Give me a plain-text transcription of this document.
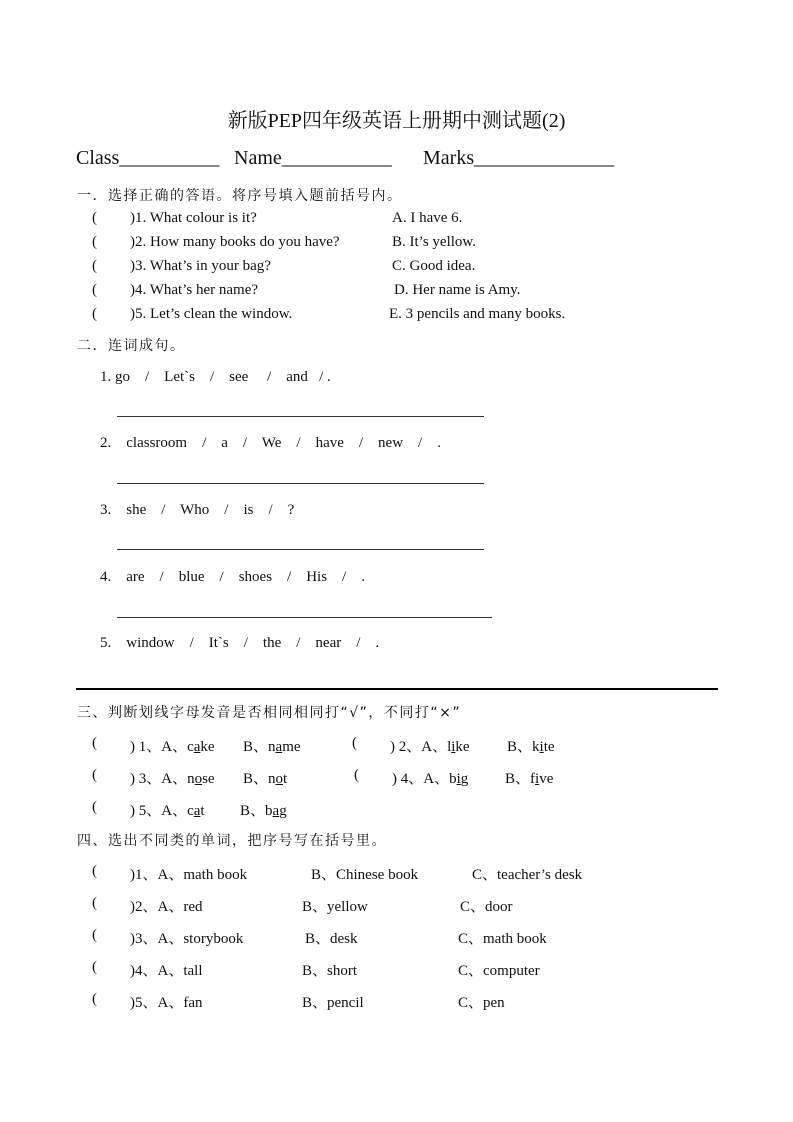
新版PEP四年级英语上册期中测试题(2)
Class__________ Name___________ Marks______________
一．选择正确的答语。将序号填入题前括号内。
( )1. What colour is it?	A. I have 6.
( )2. How many books do you have?	B. It’s yellow.
( )3. What’s in your bag?	C. Good idea.
( )4. What’s her name?	D. Her name is Amy.
( )5. Let’s clean the window.	E. 3 pencils and many books.
二．连词成句。
1. go    /    Let`s    /    see     /    and   / .
2.    classroom    /    a    /    We    /    have    /    new    /    .
3.    she    /    Who    /    is    /    ?
4.    are    /    blue    /    shoes    /    His    /    .
5.    window    /    It`s    /    the    /    near    /    .
三、判断划线字母发音是否相同相同打“√”，不同打“×”
( ) 1、A、cake B、name	( ) 2、A、like B、kite
( ) 3、A、nose B、not	( ) 4、A、big B、five
( ) 5、A、cat B、bag
四、选出不同类的单词，把序号写在括号里。
( )1、A、math book	B、Chinese book	C、teacher’s desk
( )2、A、red	B、yellow	C、door
( )3、A、storybook	B、desk	C、math book
( )4、A、tall	B、short	C、computer
( )5、A、fan	B、pencil	C、pen
